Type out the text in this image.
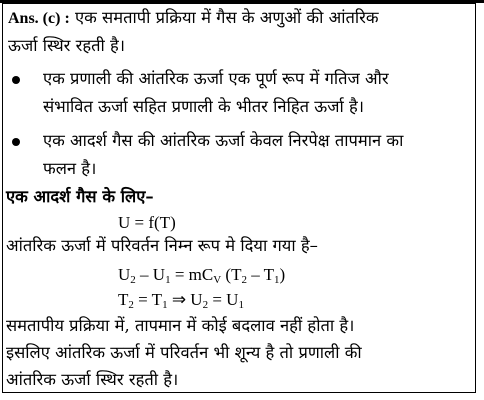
Ans. (c) : एक समतापी प्रक्रिया में गैस के अणुओं की आंतरिक
ऊर्जा स्थिर रहती है।
एक प्रणाली की आंतरिक ऊर्जा एक पूर्ण रूप में गतिज और
संभावित ऊर्जा सहित प्रणाली के भीतर निहित ऊर्जा है।
एक आदर्श गैस की आंतरिक ऊर्जा केवल निरपेक्ष तापमान का
फलन है।
एक आदर्श गैस के लिए–
U = f(T)
आंतरिक ऊर्जा में परिवर्तन निम्न रूप मे दिया गया है–
$U_2 - U_1 = mC_V$ $(T_2 - T_1)$
$T_2 = T_1$ ⇒ $U_2 = U_1$
समतापीय प्रक्रिया में, तापमान में कोई बदलाव नहीं होता है।
इसलिए आंतरिक ऊर्जा में परिवर्तन भी शून्य है तो प्रणाली की
आंतरिक ऊर्जा स्थिर रहती है।
